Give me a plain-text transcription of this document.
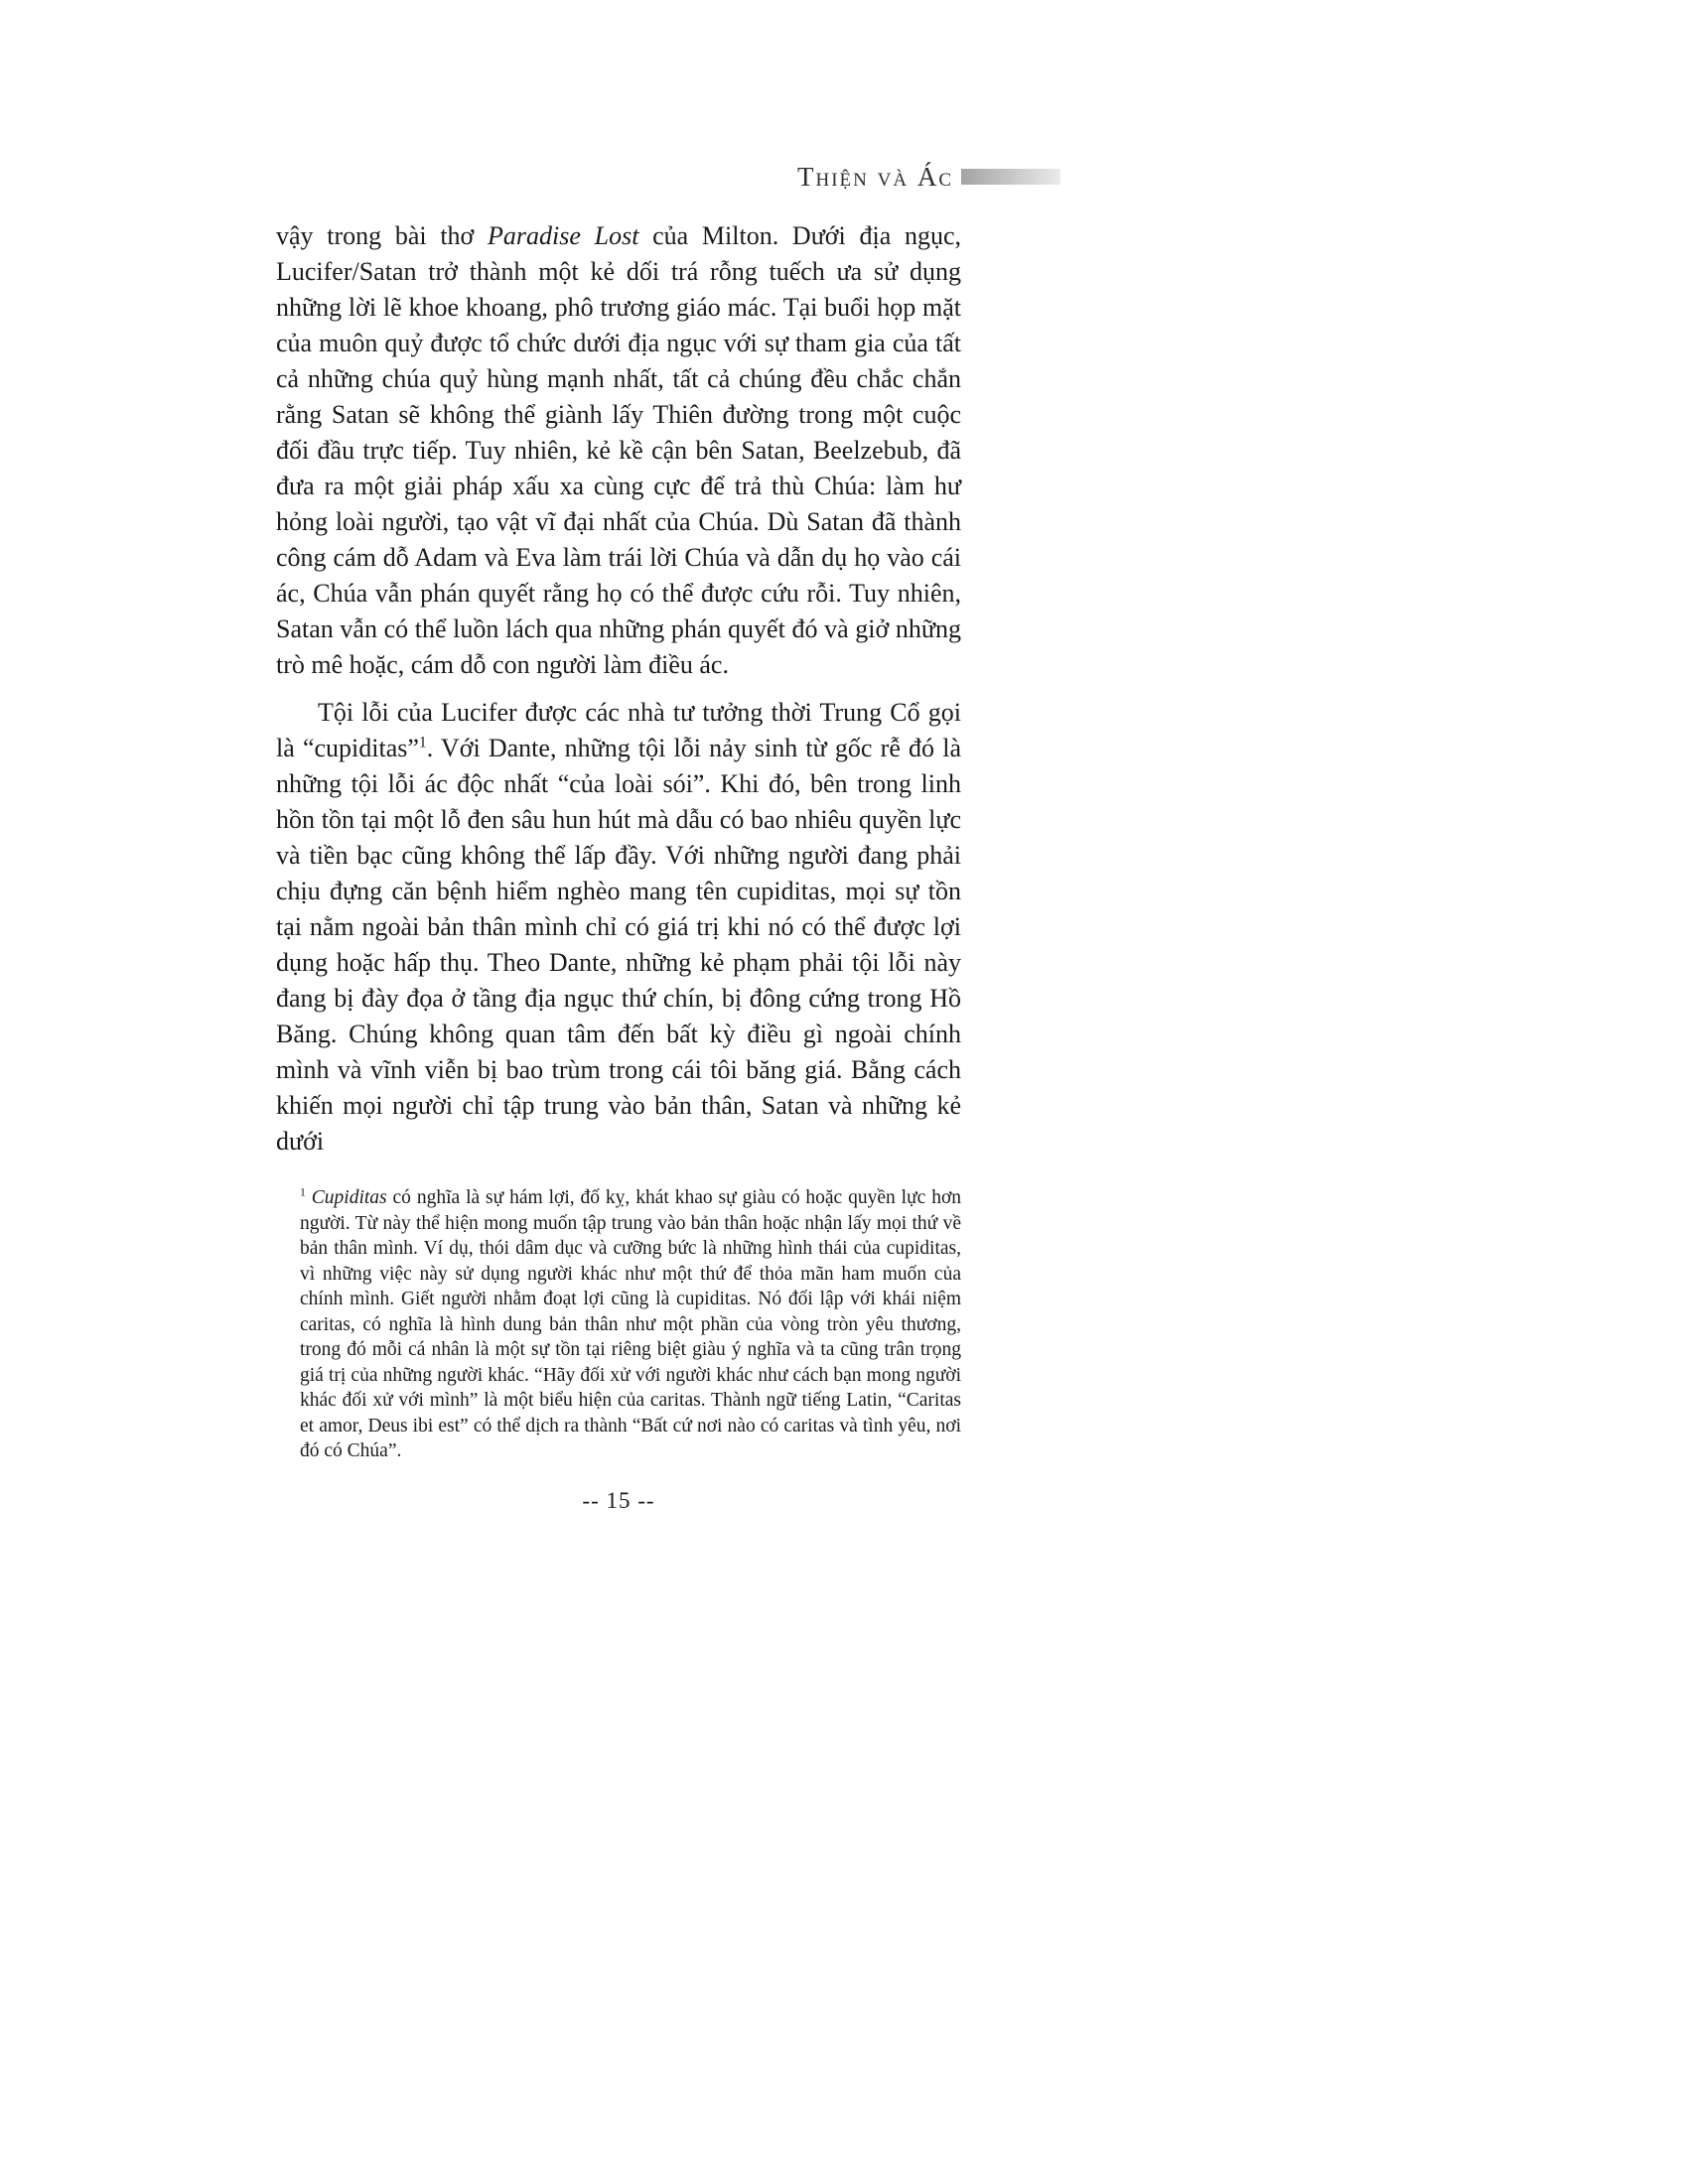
Thiện và Ác

vậy trong bài thơ Paradise Lost của Milton. Dưới địa ngục, Lucifer/Satan trở thành một kẻ dối trá rỗng tuếch ưa sử dụng những lời lẽ khoe khoang, phô trương giáo mác. Tại buổi họp mặt của muôn quỷ được tổ chức dưới địa ngục với sự tham gia của tất cả những chúa quỷ hùng mạnh nhất, tất cả chúng đều chắc chắn rằng Satan sẽ không thể giành lấy Thiên đường trong một cuộc đối đầu trực tiếp. Tuy nhiên, kẻ kề cận bên Satan, Beelzebub, đã đưa ra một giải pháp xấu xa cùng cực để trả thù Chúa: làm hư hỏng loài người, tạo vật vĩ đại nhất của Chúa. Dù Satan đã thành công cám dỗ Adam và Eva làm trái lời Chúa và dẫn dụ họ vào cái ác, Chúa vẫn phán quyết rằng họ có thể được cứu rỗi. Tuy nhiên, Satan vẫn có thể luồn lách qua những phán quyết đó và giở những trò mê hoặc, cám dỗ con người làm điều ác.

Tội lỗi của Lucifer được các nhà tư tưởng thời Trung Cổ gọi là “cupiditas”$^1$. Với Dante, những tội lỗi nảy sinh từ gốc rễ đó là những tội lỗi ác độc nhất “của loài sói”. Khi đó, bên trong linh hồn tồn tại một lỗ đen sâu hun hút mà dẫu có bao nhiêu quyền lực và tiền bạc cũng không thể lấp đầy. Với những người đang phải chịu đựng căn bệnh hiểm nghèo mang tên cupiditas, mọi sự tồn tại nằm ngoài bản thân mình chỉ có giá trị khi nó có thể được lợi dụng hoặc hấp thụ. Theo Dante, những kẻ phạm phải tội lỗi này đang bị đày đọa ở tầng địa ngục thứ chín, bị đông cứng trong Hồ Băng. Chúng không quan tâm đến bất kỳ điều gì ngoài chính mình và vĩnh viễn bị bao trùm trong cái tôi băng giá. Bằng cách khiến mọi người chỉ tập trung vào bản thân, Satan và những kẻ dưới

$^1$ Cupiditas có nghĩa là sự hám lợi, đố kỵ, khát khao sự giàu có hoặc quyền lực hơn người. Từ này thể hiện mong muốn tập trung vào bản thân hoặc nhận lấy mọi thứ về bản thân mình. Ví dụ, thói dâm dục và cưỡng bức là những hình thái của cupiditas, vì những việc này sử dụng người khác như một thứ để thỏa mãn ham muốn của chính mình. Giết người nhằm đoạt lợi cũng là cupiditas. Nó đối lập với khái niệm caritas, có nghĩa là hình dung bản thân như một phần của vòng tròn yêu thương, trong đó mỗi cá nhân là một sự tồn tại riêng biệt giàu ý nghĩa và ta cũng trân trọng giá trị của những người khác. “Hãy đối xử với người khác như cách bạn mong người khác đối xử với mình” là một biểu hiện của caritas. Thành ngữ tiếng Latin, “Caritas et amor, Deus ibi est” có thể dịch ra thành “Bất cứ nơi nào có caritas và tình yêu, nơi đó có Chúa”.
-- 15 --
